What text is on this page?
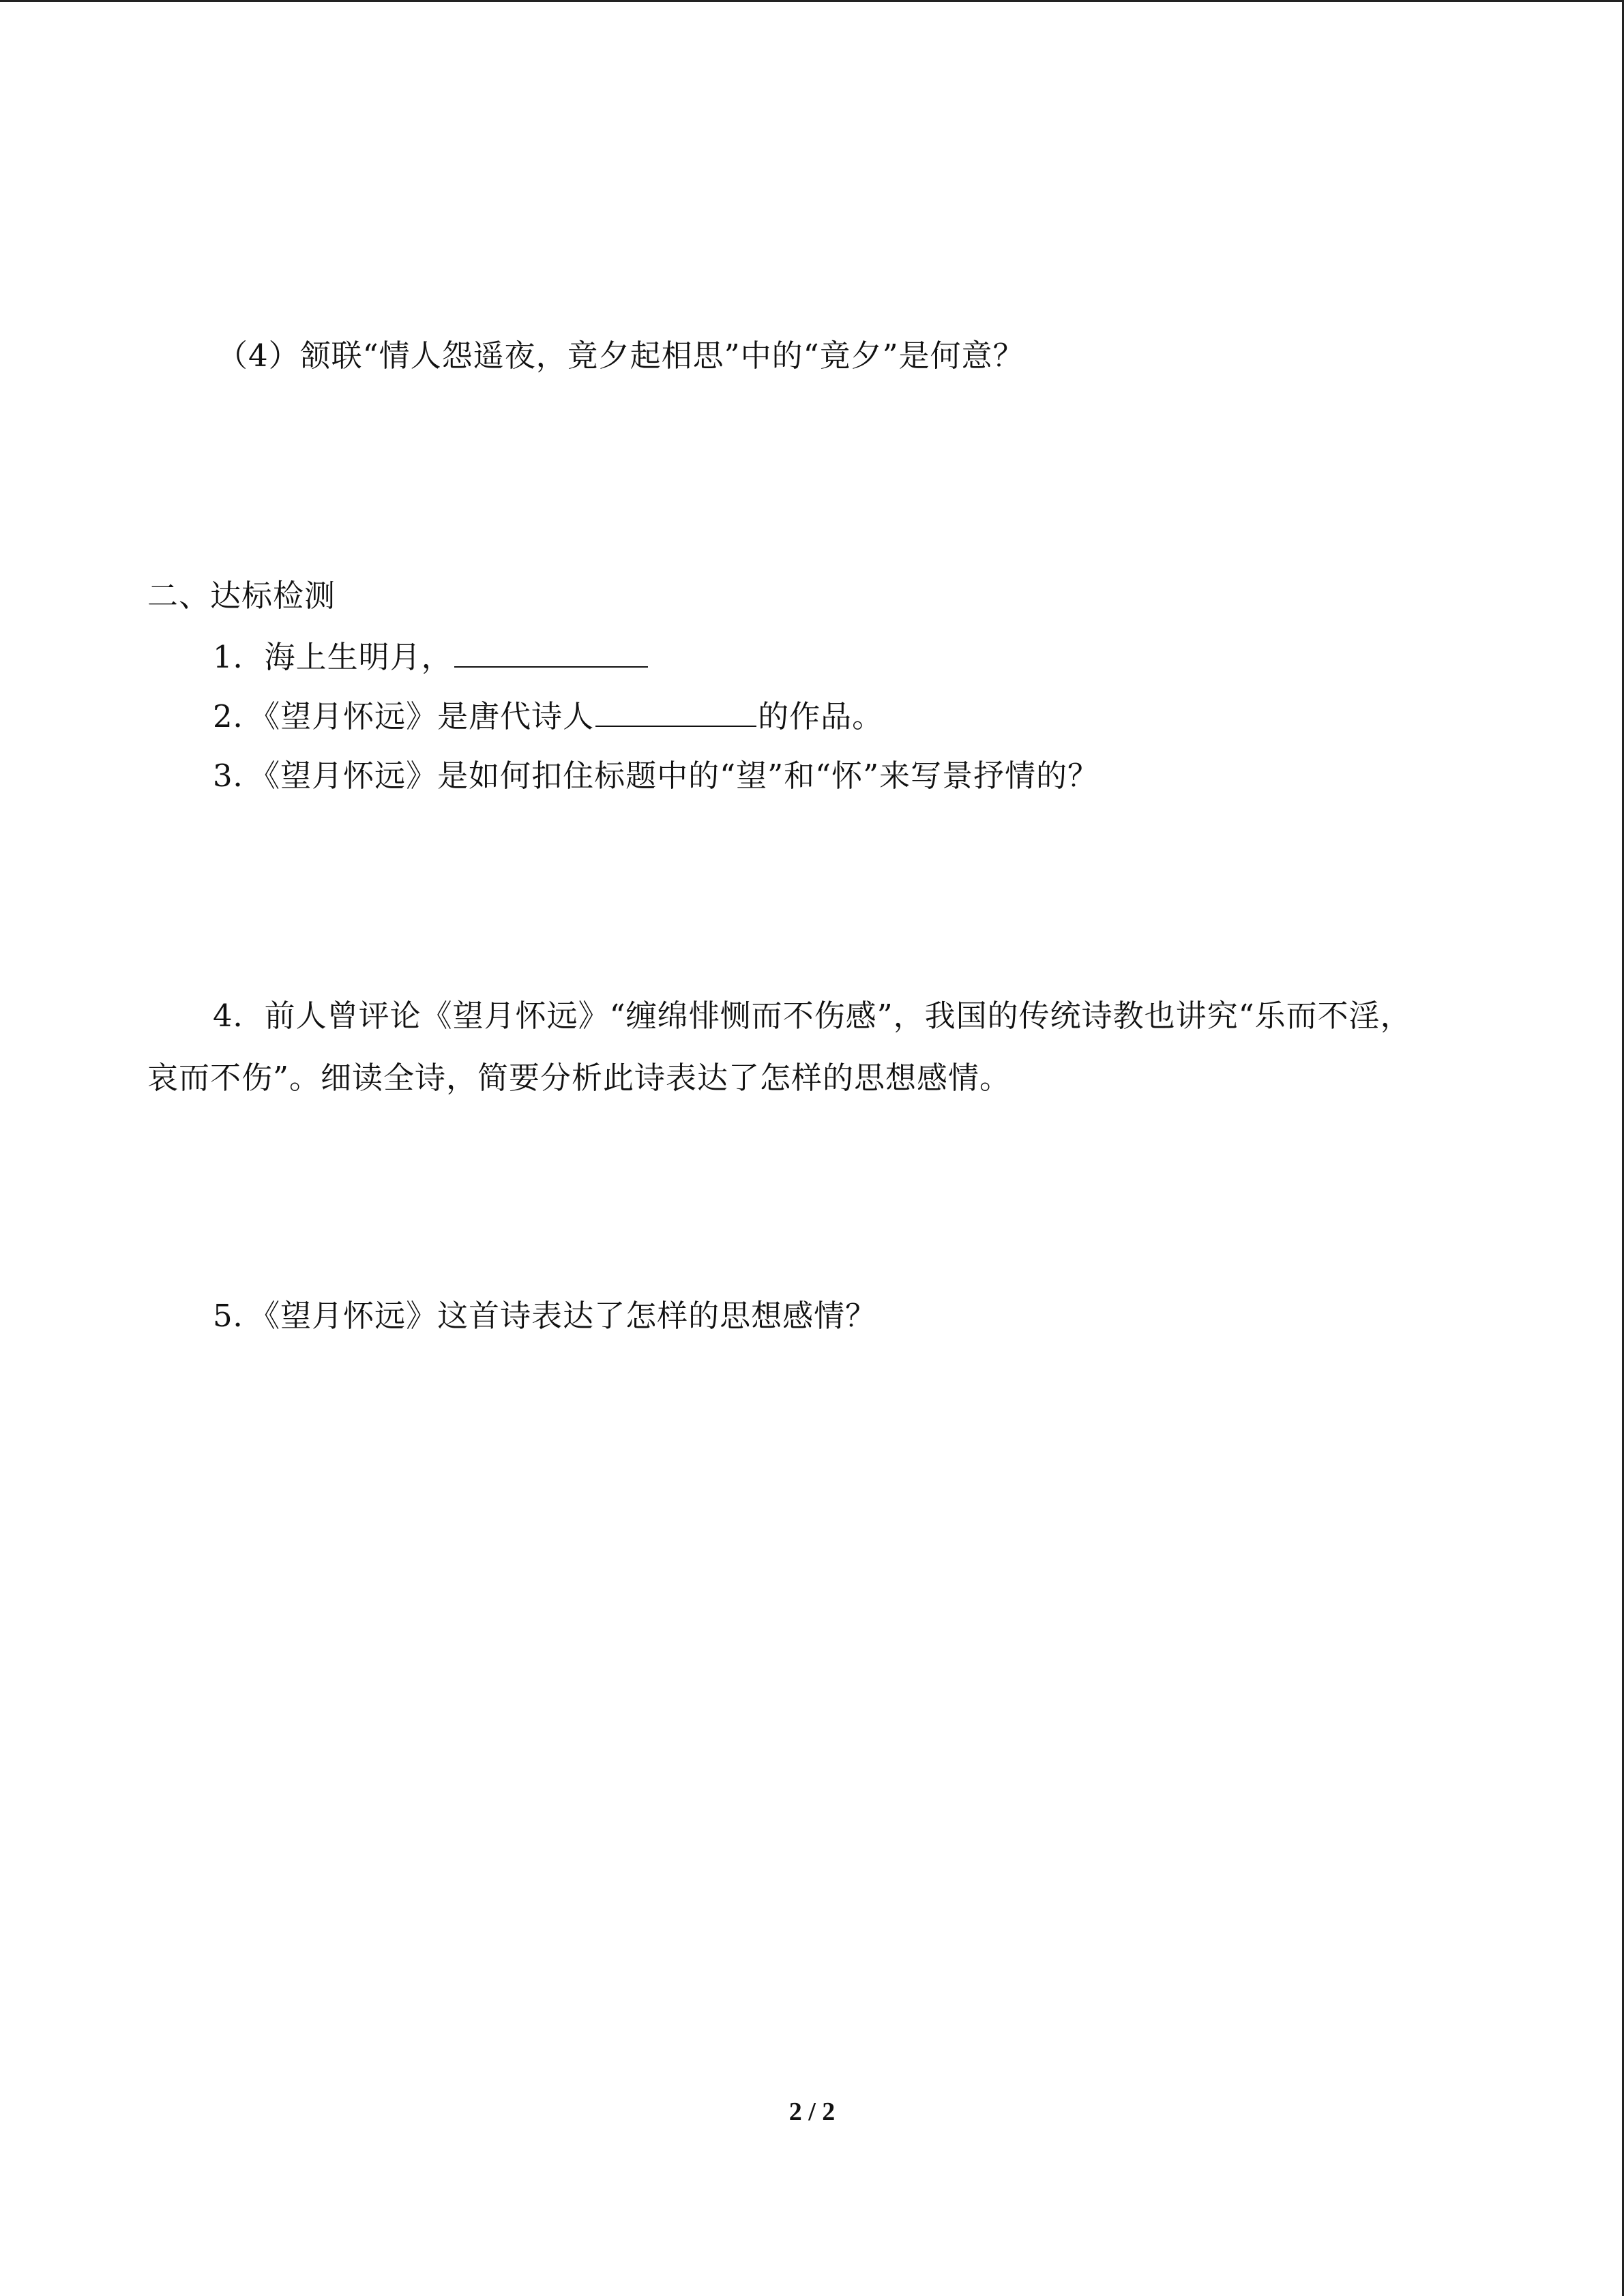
（4）颔联“情人怨遥夜，竟夕起相思”中的“竟夕”是何意？
二、达标检测
1．海上生明月，
2．《望月怀远》是唐代诗人	的作品。
3．《望月怀远》是如何扣住标题中的“望”和“怀”来写景抒情的？
4．前人曾评论《望月怀远》“缠绵悱恻而不伤感”，我国的传统诗教也讲究“乐而不淫，
哀而不伤”。细读全诗，简要分析此诗表达了怎样的思想感情。
5．《望月怀远》这首诗表达了怎样的思想感情？
2 / 2
